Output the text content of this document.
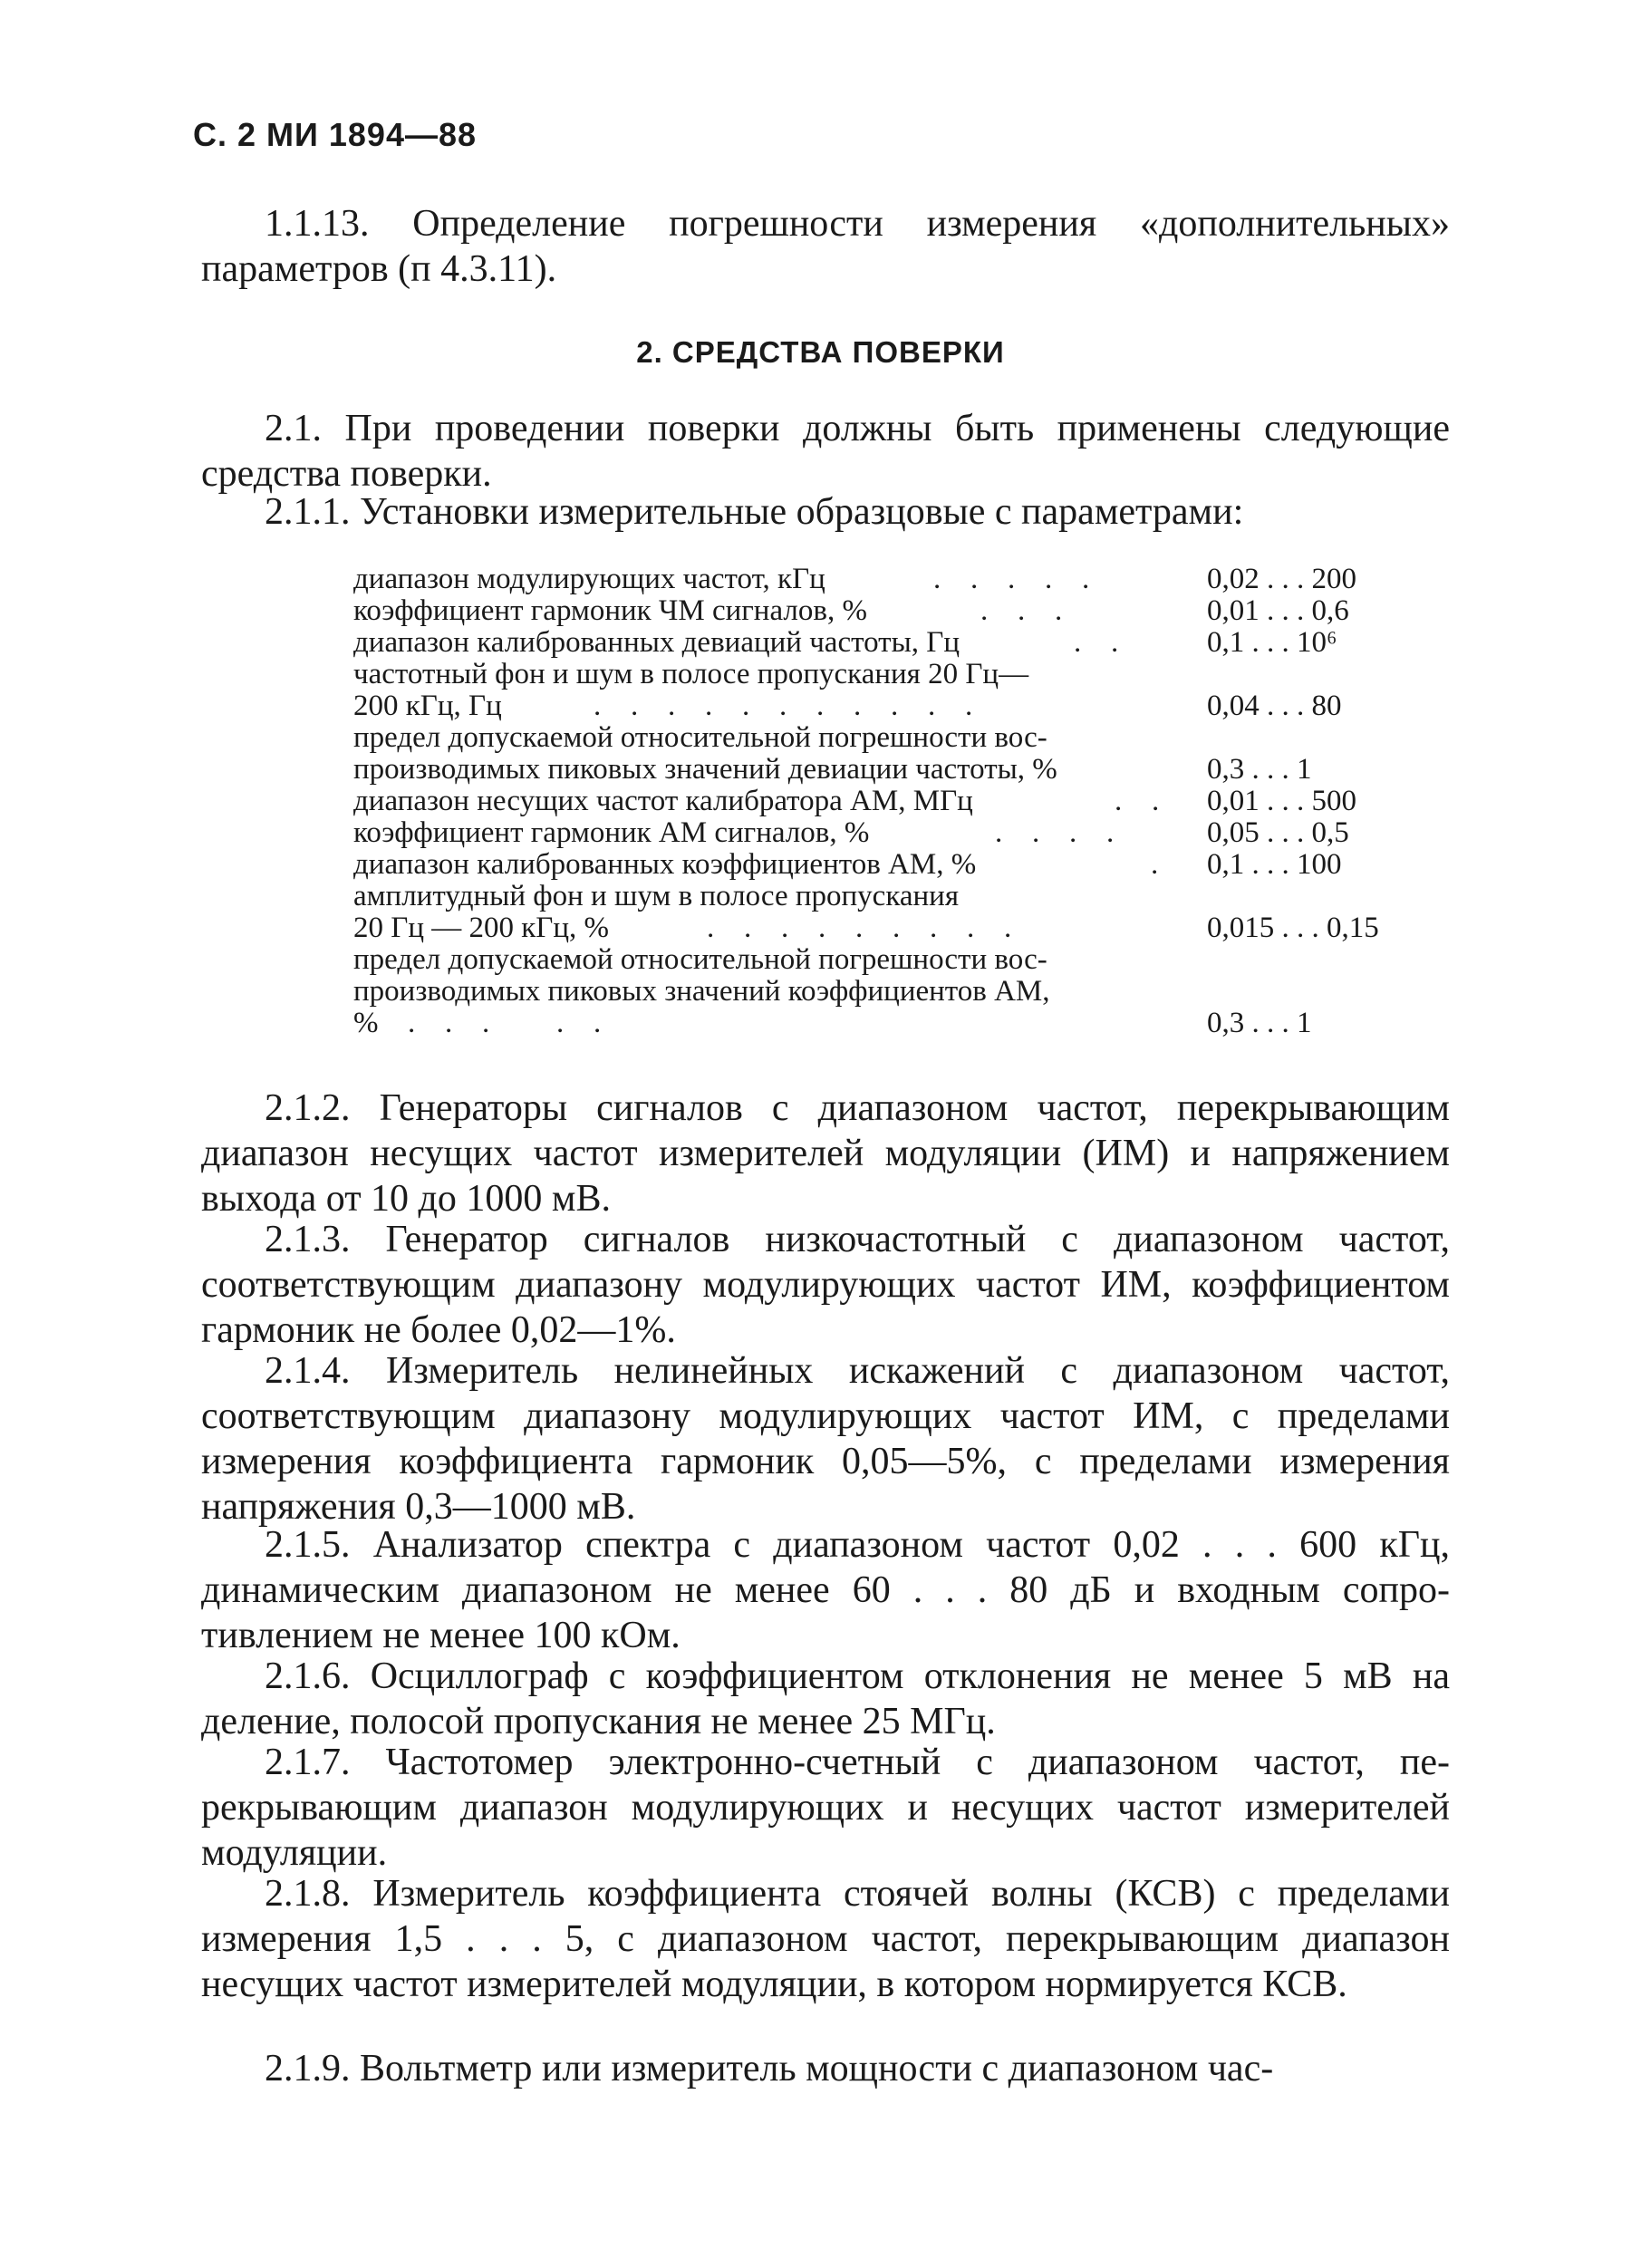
С. 2 МИ 1894—88

1.1.13. Определение погрешности измерения «дополнительных» параметров (п 4.3.11).

2. СРЕДСТВА ПОВЕРКИ

2.1. При проведении поверки должны быть применены следующие средства поверки.

2.1.1. Установки измерительные образцовые с параметрами:

диапазон модулирующих частот, кГц	.   .   .   .   .	0,02 . . . 200
коэффициент гармоник ЧМ сигналов, %	.   .   .	0,01 . . . 0,6
диапазон калиброванных девиаций частоты, Гц	.   .	0,1 . . . 10⁶
частотный фон и шум в полосе пропускания 20 Гц—
200 кГц, Гц	.   .   .   .   .   .   .   .   .   .   .	0,04 . . . 80
предел допускаемой относительной погрешности вос-
производимых пиковых значений девиации частоты, %	0,3 . . . 1
диапазон несущих частот калибратора АМ, МГц	.   . 0,01 . . . 500
коэффициент гармоник АМ сигналов, %	.   .   .   .	0,05 . . . 0,5
диапазон калиброванных коэффициентов АМ, %	. 0,1 . . . 100
амплитудный фон и шум в полосе пропускания
20 Гц — 200 кГц, %	.   .   .   .   .   .   .   .   .	0,015 . . . 0,15
предел допускаемой относительной погрешности вос-
производимых пиковых значений коэффициентов АМ,
% .   .   .       .   .	0,3 . . . 1

2.1.2. Генераторы сигналов с диапазоном частот, перекрывающим диапазон несущих частот измерителей модуляции (ИМ) и напряжением выхода от 10 до 1000 мВ.

2.1.3. Генератор сигналов низкочастотный с диапазоном частот, соответствующим диапазону модулирующих частот ИМ, коэффициентом гармоник не более 0,02—1%.

2.1.4. Измеритель нелинейных искажений с диапазоном частот, соответствующим диапазону модулирующих частот ИМ, с пределами измерения коэффициента гармоник 0,05—5%, с пределами измерения напряжения 0,3—1000 мВ.

2.1.5. Анализатор спектра с диапазоном частот 0,02 . . . 600 кГц, динамическим диапазоном не менее 60 . . . 80 дБ и входным сопротивлением не менее 100 кОм.

2.1.6. Осциллограф с коэффициентом отклонения не менее 5 мВ на деление, полосой пропускания не менее 25 МГц.

2.1.7. Частотомер электронно-счетный с диапазоном частот, перекрывающим диапазон модулирующих и несущих частот измерителей модуляции.

2.1.8. Измеритель коэффициента стоячей волны (КСВ) с пределами измерения 1,5 . . . 5, с диапазоном частот, перекрывающим диапазон несущих частот измерителей модуляции, в котором нормируется КСВ.

2.1.9. Вольтметр или измеритель мощности с диапазоном час-
